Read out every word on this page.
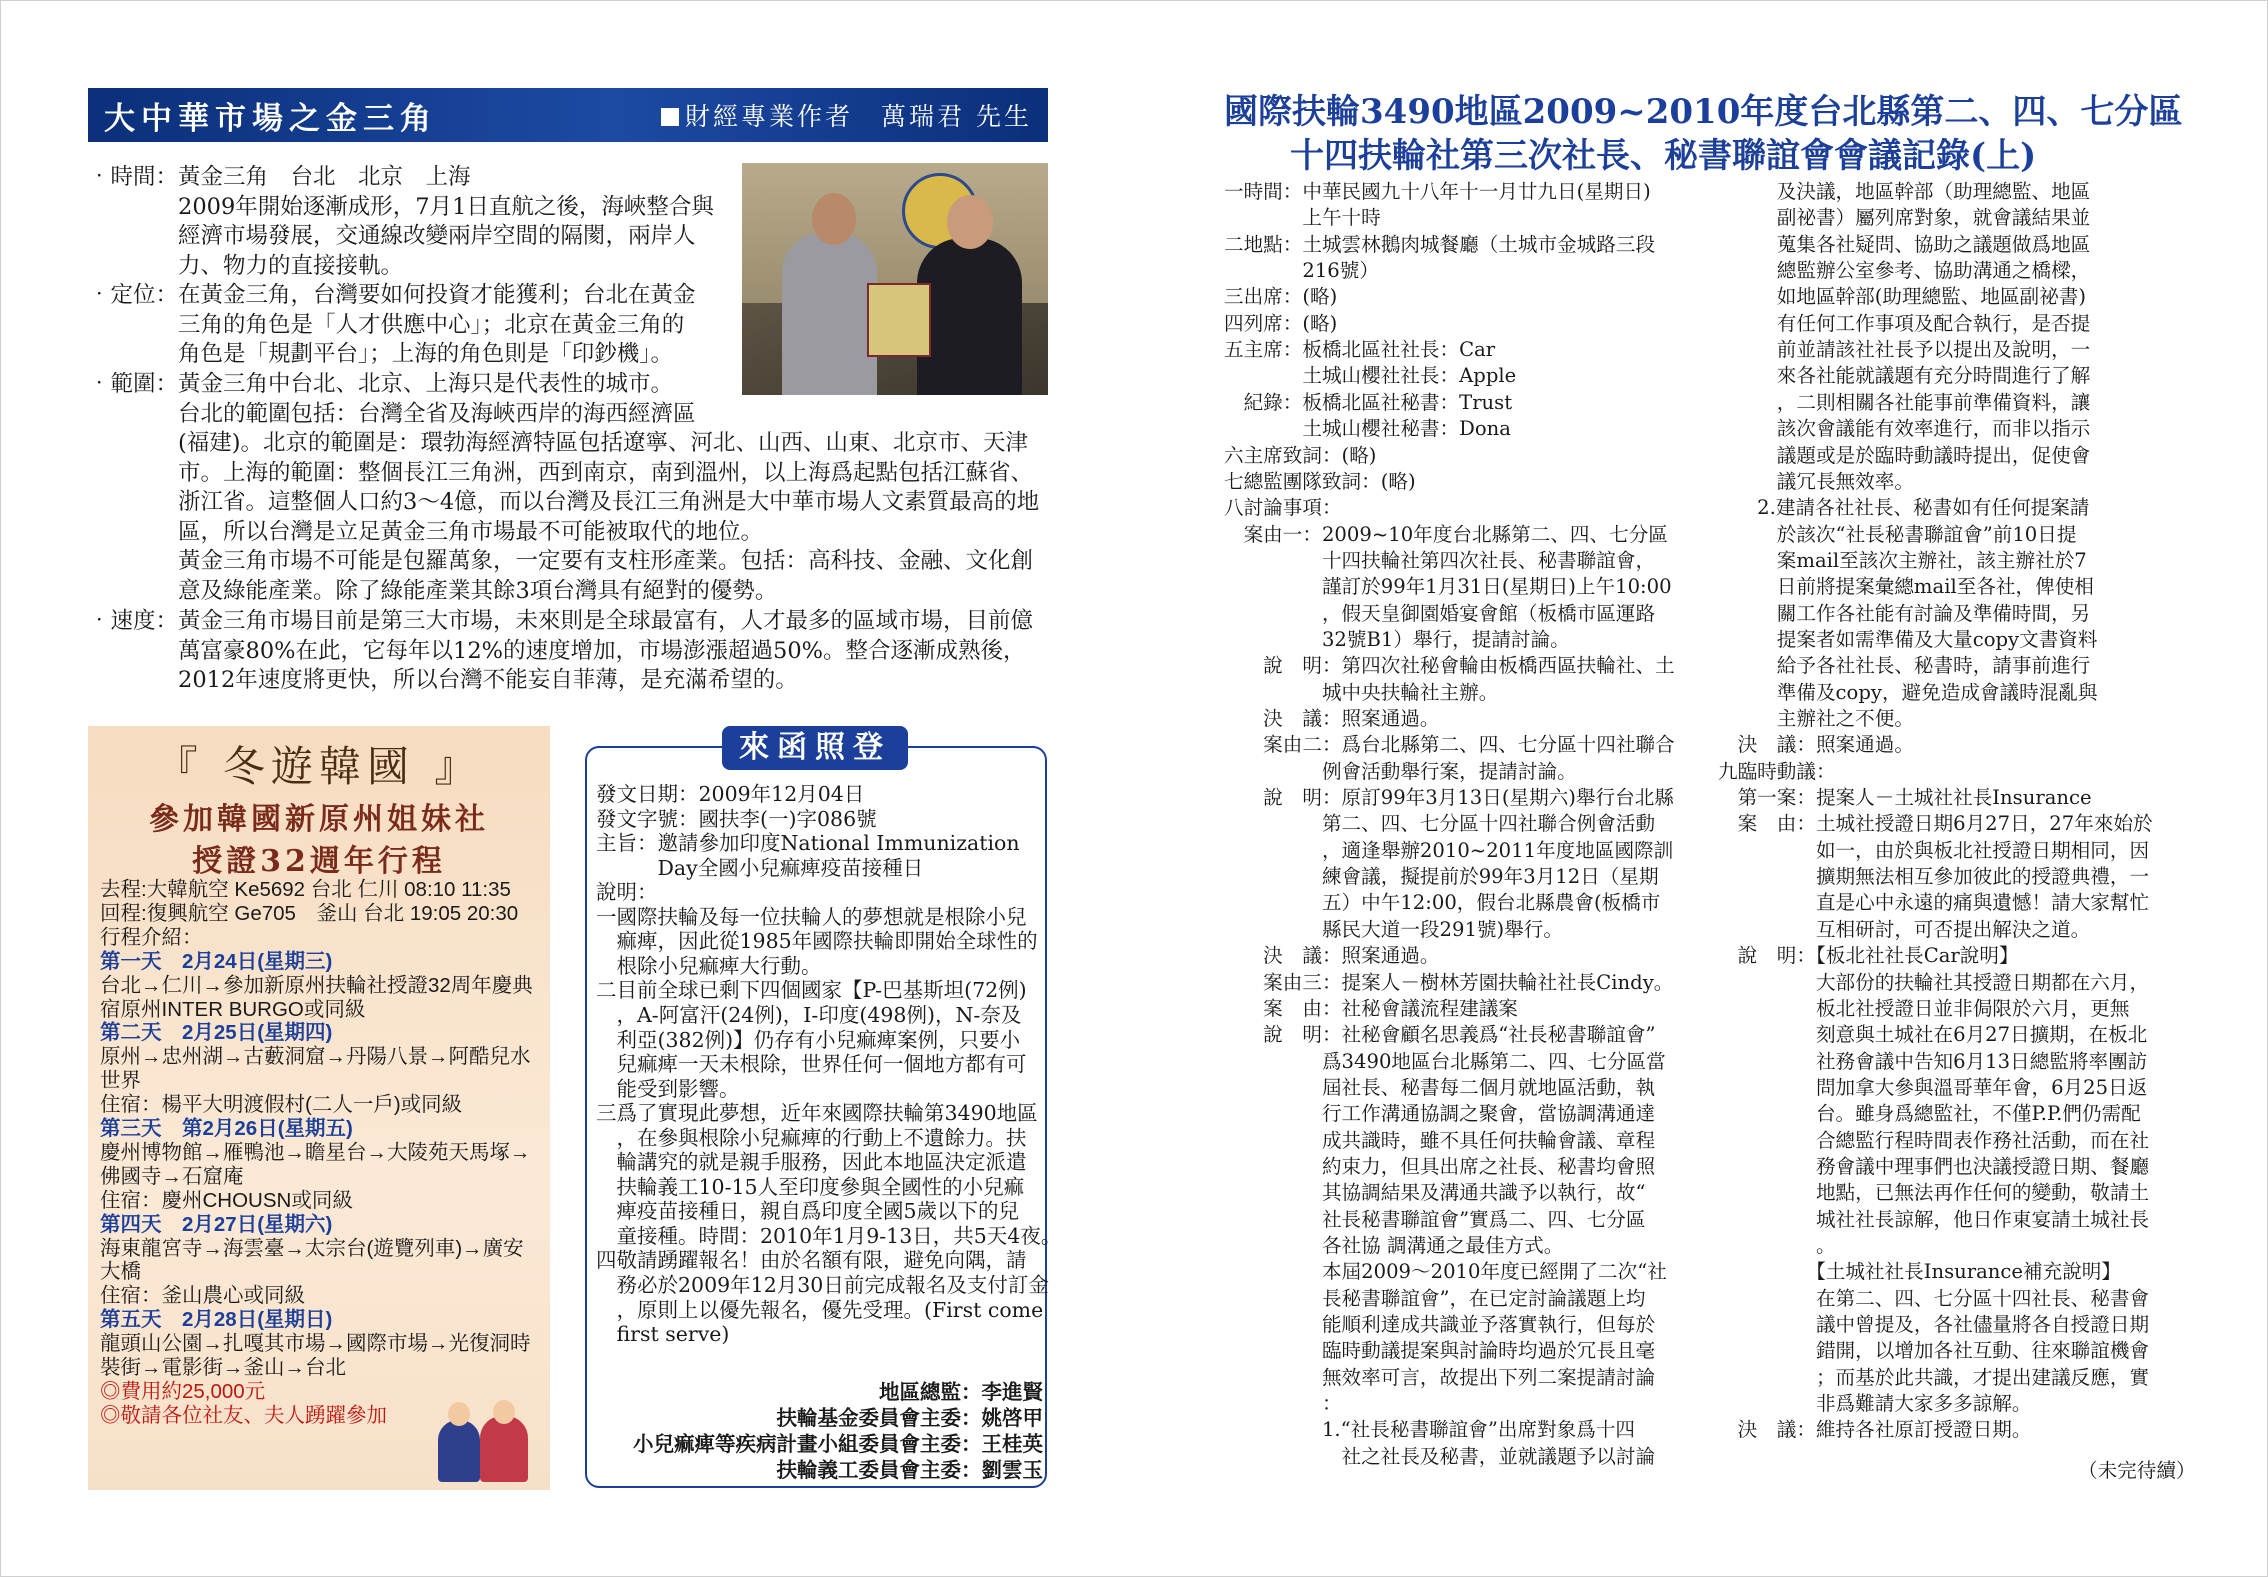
大中華市場之金三角	財經專業作者　萬瑞君 先生
‧時間： 黃金三角　台北　北京　上海
2009年開始逐漸成形，7月1日直航之後，海峽整合與
經濟市場發展，交通線改變兩岸空間的隔閡，兩岸人
力、物力的直接接軌。
‧定位： 在黃金三角，台灣要如何投資才能獲利；台北在黃金
三角的角色是「人才供應中心」；北京在黃金三角的
角色是「規劃平台」；上海的角色則是「印鈔機」。
‧範圍： 黃金三角中台北、北京、上海只是代表性的城市。
台北的範圍包括：台灣全省及海峽西岸的海西經濟區
(福建)。北京的範圍是：環勃海經濟特區包括遼寧、河北、山西、山東、北京市、天津
市。上海的範圍：整個長江三角洲，西到南京，南到溫州，以上海爲起點包括江蘇省、
浙江省。這整個人口約3～4億，而以台灣及長江三角洲是大中華市場人文素質最高的地
區，所以台灣是立足黃金三角市場最不可能被取代的地位。
黃金三角市場不可能是包羅萬象，一定要有支柱形產業。包括：高科技、金融、文化創
意及綠能產業。除了綠能產業其餘3項台灣具有絕對的優勢。
‧速度： 黃金三角市場目前是第三大市場，未來則是全球最富有，人才最多的區域市場，目前億
萬富豪80%在此，它每年以12%的速度增加，市場澎漲超過50%。整合逐漸成熟後，
2012年速度將更快，所以台灣不能妄自菲薄，是充滿希望的。
『 冬遊韓國 』
參加韓國新原州姐妹社
授證32週年行程
去程:大韓航空 Ke5692 台北 仁川 08:10 11:35
回程:復興航空 Ge705　釜山 台北 19:05 20:30
行程介紹：
第一天　2月24日(星期三)
台北→仁川→參加新原州扶輪社授證32周年慶典
宿原州INTER BURGO或同級
第二天　2月25日(星期四)
原州→忠州湖→古藪洞窟→丹陽八景→阿酷兒水
世界
住宿：楊平大明渡假村(二人一戶)或同級
第三天　第2月26日(星期五)
慶州博物館→雁鴨池→瞻星台→大陵苑天馬塚→
佛國寺→石窟庵
住宿：慶州CHOUSN或同級
第四天　2月27日(星期六)
海東龍宮寺→海雲臺→太宗台(遊覽列車)→廣安
大橋
住宿：釜山農心或同級
第五天　2月28日(星期日)
龍頭山公園→扎嘎其市場→國際市場→光復洞時
裝街→電影街→釜山→台北
◎費用約25,000元
◎敬請各位社友、夫人踴躍參加
來函照登
發文日期：2009年12月04日
發文字號：國扶李(一)字086號
主旨：邀請參加印度National Immunization
　　　Day全國小兒痲痺疫苗接種日
說明：
一國際扶輪及每一位扶輪人的夢想就是根除小兒
　痲痺，因此從1985年國際扶輪即開始全球性的
　根除小兒痲痺大行動。
二目前全球已剩下四個國家【P-巴基斯坦(72例)
　，A-阿富汗(24例)，I-印度(498例)，N-奈及
　利亞(382例)】仍存有小兒痲痺案例，只要小
　兒痲痺一天未根除，世界任何一個地方都有可
　能受到影響。
三爲了實現此夢想，近年來國際扶輪第3490地區
　，在參與根除小兒痲痺的行動上不遺餘力。扶
　輪講究的就是親手服務，因此本地區決定派遣
　扶輪義工10-15人至印度參與全國性的小兒痲
　痺疫苗接種日，親自爲印度全國5歲以下的兒
　童接種。時間：2010年1月9-13日，共5天4夜。
四敬請踴躍報名！由於名額有限，避免向隅，請
　務必於2009年12月30日前完成報名及支付訂金
　，原則上以優先報名，優先受理。(First come
　first serve)
地區總監：李進賢
扶輪基金委員會主委：姚啓甲
小兒痲痺等疾病計畫小組委員會主委：王桂英
扶輪義工委員會主委：劉雲玉
國際扶輪3490地區2009~2010年度台北縣第二、四、七分區
十四扶輪社第三次社長、秘書聯誼會會議記錄(上)
一時間：中華民國九十八年十一月廿九日(星期日)
　　　　上午十時
二地點：土城雲林鵝肉城餐廳（土城市金城路三段
　　　　216號）
三出席：(略)
四列席：(略)
五主席：板橋北區社社長：Car
　　　　土城山櫻社社長：Apple
　紀錄：板橋北區社秘書：Trust
　　　　土城山櫻社秘書：Dona
六主席致詞：(略)
七總監團隊致詞：(略)
八討論事項：
　案由一：2009~10年度台北縣第二、四、七分區
　　　　　十四扶輪社第四次社長、秘書聯誼會，
　　　　　謹訂於99年1月31日(星期日)上午10:00
　　　　　，假天皇御園婚宴會館（板橋市區運路
　　　　　32號B1）舉行，提請討論。
　　說　明：第四次社秘會輪由板橋西區扶輪社、土
　　　　　城中央扶輪社主辦。
　　決　議：照案通過。
　　案由二：爲台北縣第二、四、七分區十四社聯合
　　　　　例會活動舉行案，提請討論。
　　說　明：原訂99年3月13日(星期六)舉行台北縣
　　　　　第二、四、七分區十四社聯合例會活動
　　　　　，適逢舉辦2010~2011年度地區國際訓
　　　　　練會議，擬提前於99年3月12日（星期
　　　　　五）中午12:00，假台北縣農會(板橋市
　　　　　縣民大道一段291號)舉行。
　　決　議：照案通過。
　　案由三：提案人－樹林芳園扶輪社社長Cindy。
　　案　由：社秘會議流程建議案
　　說　明：社秘會顧名思義爲“社長秘書聯誼會”
　　　　　爲3490地區台北縣第二、四、七分區當
　　　　　屆社長、秘書每二個月就地區活動，執
　　　　　行工作溝通協調之聚會，當協調溝通達
　　　　　成共識時，雖不具任何扶輪會議、章程
　　　　　約束力，但具出席之社長、秘書均會照
　　　　　其協調結果及溝通共識予以執行，故“
　　　　　社長秘書聯誼會”實爲二、四、七分區
　　　　　各社協 調溝通之最佳方式。
　　　　　本屆2009～2010年度已經開了二次“社
　　　　　長秘書聯誼會”，在已定討論議題上均
　　　　　能順利達成共識並予落實執行，但每於
　　　　　臨時動議提案與討論時均過於冗長且毫
　　　　　無效率可言，故提出下列二案提請討論
　　　　　：
　　　　　1.“社長秘書聯誼會”出席對象爲十四
　　　　　　社之社長及秘書，並就議題予以討論
　　　及決議，地區幹部（助理總監、地區
　　　副祕書）屬列席對象，就會議結果並
　　　蒐集各社疑問、協助之議題做爲地區
　　　總監辦公室參考、協助溝通之橋樑，
　　　如地區幹部(助理總監、地區副祕書)
　　　有任何工作事項及配合執行，是否提
　　　前並請該社社長予以提出及說明，一
　　　來各社能就議題有充分時間進行了解
　　　，二則相關各社能事前準備資料，讓
　　　該次會議能有效率進行，而非以指示
　　　議題或是於臨時動議時提出，促使會
　　　議冗長無效率。
　　2.建請各社社長、秘書如有任何提案請
　　　於該次“社長秘書聯誼會”前10日提
　　　案mail至該次主辦社，該主辦社於7
　　　日前將提案彙總mail至各社，俾使相
　　　關工作各社能有討論及準備時間，另
　　　提案者如需準備及大量copy文書資料
　　　給予各社社長、秘書時，請事前進行
　　　準備及copy，避免造成會議時混亂與
　　　主辦社之不便。
　決　議：照案通過。
九臨時動議：
　第一案：提案人－土城社社長Insurance
　案　由：土城社授證日期6月27日，27年來始於
　　　　　如一，由於與板北社授證日期相同，因
　　　　　擴期無法相互參加彼此的授證典禮，一
　　　　　直是心中永遠的痛與遺憾！請大家幫忙
　　　　　互相研討，可否提出解決之道。
　說　明：【板北社社長Car說明】
　　　　　大部份的扶輪社其授證日期都在六月，
　　　　　板北社授證日並非侷限於六月，更無
　　　　　刻意與土城社在6月27日擴期，在板北
　　　　　社務會議中告知6月13日總監將率團訪
　　　　　問加拿大參與溫哥華年會，6月25日返
　　　　　台。雖身爲總監社，不僅P.P.們仍需配
　　　　　合總監行程時間表作務社活動，而在社
　　　　　務會議中理事們也決議授證日期、餐廳
　　　　　地點，已無法再作任何的變動，敬請土
　　　　　城社社長諒解，他日作東宴請土城社長
　　　　　。
　　　　　【土城社社長Insurance補充說明】
　　　　　在第二、四、七分區十四社長、秘書會
　　　　　議中曾提及，各社儘量將各自授證日期
　　　　　錯開，以增加各社互動、往來聯誼機會
　　　　　；而基於此共識，才提出建議反應，實
　　　　　非爲難請大家多多諒解。
　決　議：維持各社原訂授證日期。
（未完待續）
